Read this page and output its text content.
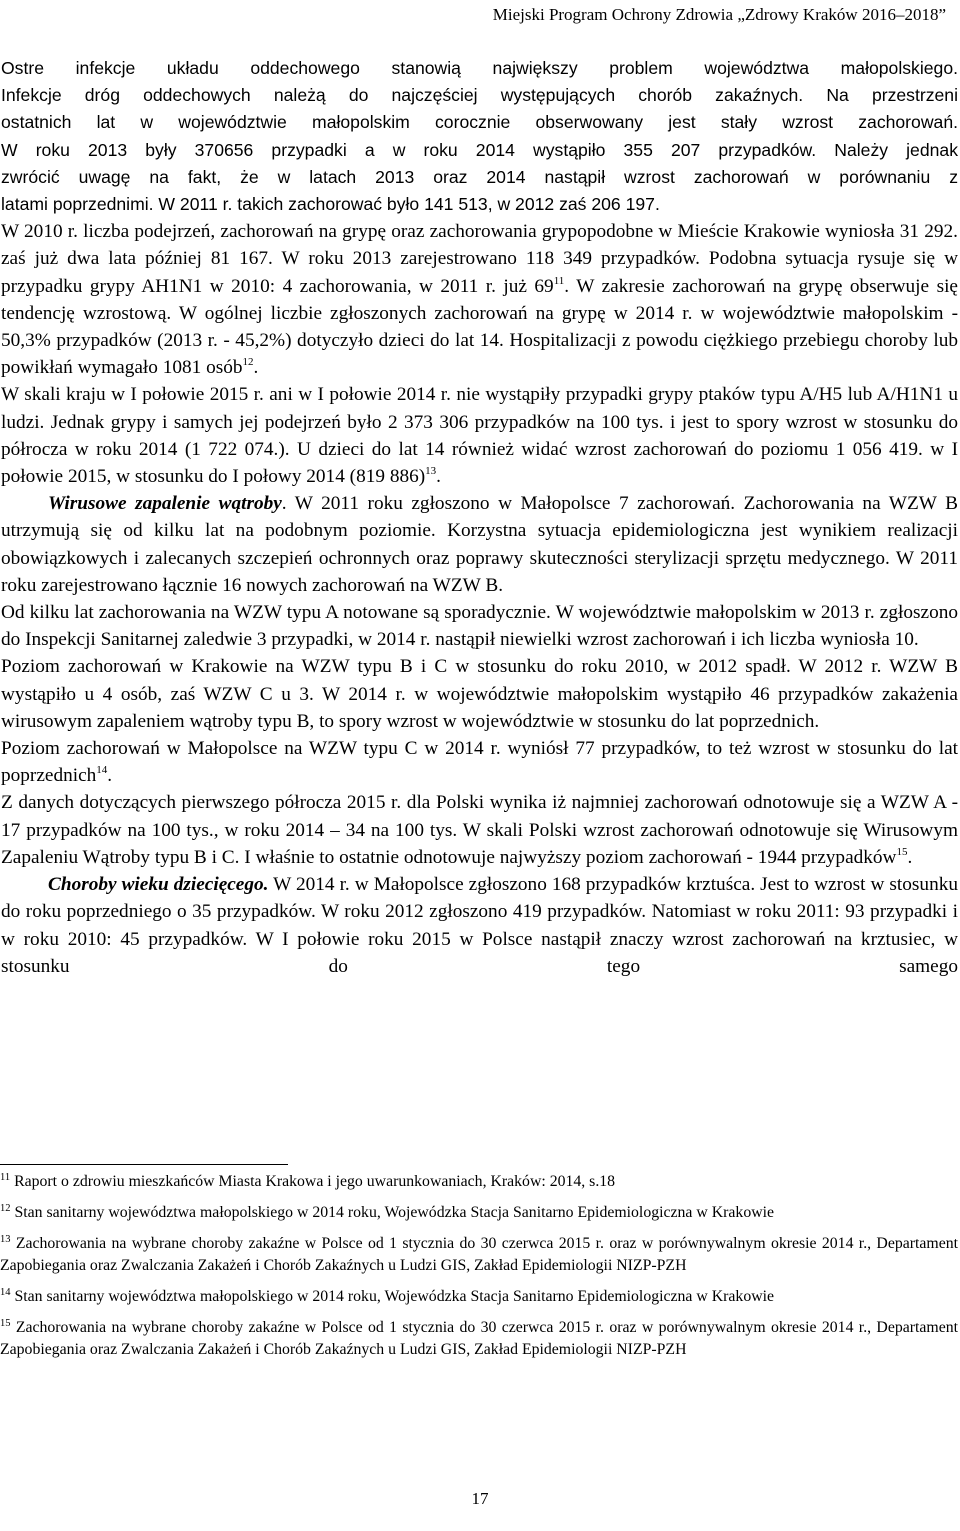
Miejski Program Ochrony Zdrowia „Zdrowy Kraków 2016–2018”

Ostre infekcje układu oddechowego stanowią największy problem województwa małopolskiego.

Infekcje dróg oddechowych należą do najczęściej występujących chorób zakaźnych. Na przestrzeni

ostatnich lat w województwie małopolskim corocznie obserwowany jest stały wzrost zachorowań.

W roku 2013 były 370656 przypadki a w roku 2014 wystąpiło 355 207 przypadków. Należy jednak

zwrócić uwagę na fakt, że w latach 2013 oraz 2014 nastąpił wzrost zachorowań w porównaniu z

latami poprzednimi. W 2011 r. takich zachorować było 141 513, w 2012 zaś 206 197.

W 2010 r. liczba podejrzeń, zachorowań na grypę oraz zachorowania grypopodobne w Mieście Krakowie wyniosła 31 292. zaś już dwa lata później 81 167. W roku 2013 zarejestrowano 118 349 przypadków. Podobna sytuacja rysuje się w przypadku grypy AH1N1 w 2010: 4 zachorowania, w 2011 r. już $69^{11}$. W zakresie zachorowań na grypę obserwuje się tendencję wzrostową. W ogólnej liczbie zgłoszonych zachorowań na grypę w 2014 r. w województwie małopolskim - 50,3% przypadków (2013 r. - 45,2%) dotyczyło dzieci do lat 14. Hospitalizacji z powodu ciężkiego przebiegu choroby lub powikłań wymagało 1081 osób$^{12}$.

W skali kraju w I połowie 2015 r. ani w I połowie 2014 r. nie wystąpiły przypadki grypy ptaków typu A/H5 lub A/H1N1 u ludzi. Jednak grypy i samych jej podejrzeń było 2 373 306 przypadków na 100 tys. i jest to spory wzrost w stosunku do półrocza w roku 2014 (1 722 074.). U dzieci do lat 14 również widać wzrost zachorowań do poziomu 1 056 419. w I połowie 2015, w stosunku do I połowy 2014 (819 886)$^{13}$.

Wirusowe zapalenie wątroby. W 2011 roku zgłoszono w Małopolsce 7 zachorowań. Zachorowania na WZW B utrzymują się od kilku lat na podobnym poziomie. Korzystna sytuacja epidemiologiczna jest wynikiem realizacji obowiązkowych i zalecanych szczepień ochronnych oraz poprawy skuteczności sterylizacji sprzętu medycznego. W 2011 roku zarejestrowano łącznie 16 nowych zachorowań na WZW B.

Od kilku lat zachorowania na WZW typu A notowane są sporadycznie. W województwie małopolskim w 2013 r. zgłoszono do Inspekcji Sanitarnej zaledwie 3 przypadki, w 2014 r. nastąpił niewielki wzrost zachorowań i ich liczba wyniosła 10.

Poziom zachorowań w Krakowie na WZW typu B i C w stosunku do roku 2010, w 2012 spadł. W 2012 r. WZW B wystąpiło u 4 osób, zaś WZW C u 3. W 2014 r. w województwie małopolskim wystąpiło 46 przypadków zakażenia wirusowym zapaleniem wątroby typu B, to spory wzrost w województwie w stosunku do lat poprzednich.

Poziom zachorowań w Małopolsce na WZW typu C w 2014 r. wyniósł 77 przypadków, to też wzrost w stosunku do lat poprzednich$^{14}$.

Z danych dotyczących pierwszego półrocza 2015 r. dla Polski wynika iż najmniej zachorowań odnotowuje się a WZW A - 17 przypadków na 100 tys., w roku 2014 – 34 na 100 tys. W skali Polski wzrost zachorowań odnotowuje się Wirusowym Zapaleniu Wątroby typu B i C. I właśnie to ostatnie odnotowuje najwyższy poziom zachorowań - 1944 przypadków$^{15}$.

Choroby wieku dziecięcego. W 2014 r. w Małopolsce zgłoszono 168 przypadków krztuśca. Jest to wzrost w stosunku do roku poprzedniego o 35 przypadków. W roku 2012 zgłoszono 419 przypadków. Natomiast w roku 2011: 93 przypadki i w roku 2010: 45 przypadków. W I połowie roku 2015 w Polsce nastąpił znaczy wzrost zachorowań na krztusiec, w stosunku do tego samego

$^{11}$ Raport o zdrowiu mieszkańców Miasta Krakowa i jego uwarunkowaniach, Kraków: 2014, s.18

$^{12}$ Stan sanitarny województwa małopolskiego w 2014 roku, Wojewódzka Stacja Sanitarno Epidemiologiczna w Krakowie

$^{13}$ Zachorowania na wybrane choroby zakaźne w Polsce od 1 stycznia do 30 czerwca 2015 r. oraz w porównywalnym okresie 2014 r., Departament Zapobiegania oraz Zwalczania Zakażeń i Chorób Zakaźnych u Ludzi GIS, Zakład Epidemiologii NIZP-PZH

$^{14}$ Stan sanitarny województwa małopolskiego w 2014 roku, Wojewódzka Stacja Sanitarno Epidemiologiczna w Krakowie

$^{15}$ Zachorowania na wybrane choroby zakaźne w Polsce od 1 stycznia do 30 czerwca 2015 r. oraz w porównywalnym okresie 2014 r., Departament Zapobiegania oraz Zwalczania Zakażeń i Chorób Zakaźnych u Ludzi GIS, Zakład Epidemiologii NIZP-PZH

17
